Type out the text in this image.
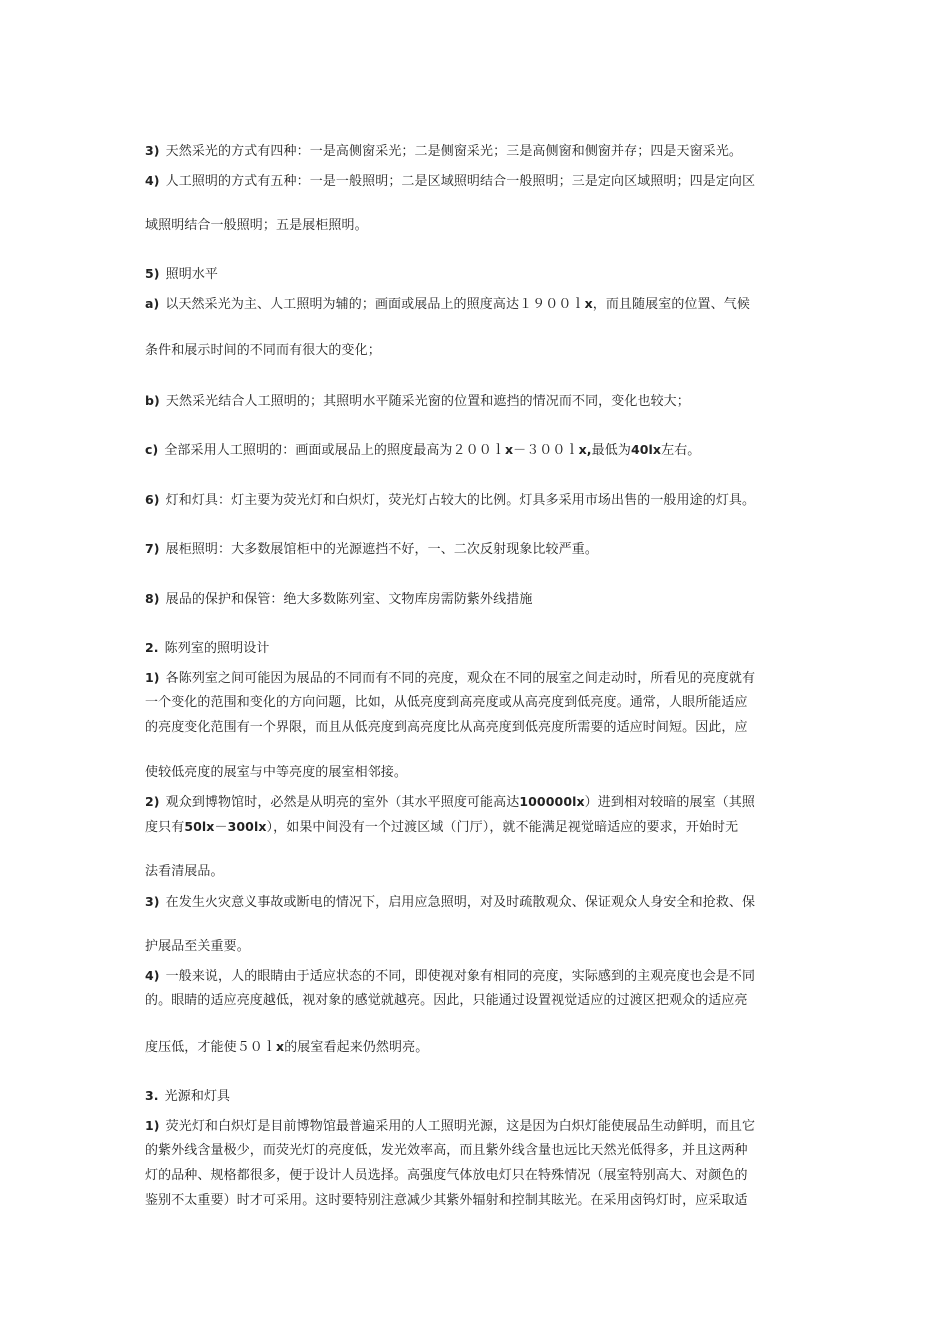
3) 天然采光的方式有四种：一是高侧窗采光；二是侧窗采光；三是高侧窗和侧窗并存；四是天窗采光。
4) 人工照明的方式有五种：一是一般照明；二是区域照明结合一般照明；三是定向区域照明；四是定向区
域照明结合一般照明；五是展柜照明。
5) 照明水平
a) 以天然采光为主、人工照明为辅的；画面或展品上的照度高达１９００ｌx，而且随展室的位置、气候
条件和展示时间的不同而有很大的变化；
b) 天然采光结合人工照明的；其照明水平随采光窗的位置和遮挡的情况而不同，变化也较大；
c) 全部采用人工照明的：画面或展品上的照度最高为２００ｌx－３００ｌx,最低为40lx左右。
6) 灯和灯具：灯主要为荧光灯和白炽灯，荧光灯占较大的比例。灯具多采用市场出售的一般用途的灯具。
7) 展柜照明：大多数展馆柜中的光源遮挡不好，一、二次反射现象比较严重。
8) 展品的保护和保管：绝大多数陈列室、文物库房需防紫外线措施
2. 陈列室的照明设计
1) 各陈列室之间可能因为展品的不同而有不同的亮度，观众在不同的展室之间走动时，所看见的亮度就有
一个变化的范围和变化的方向问题，比如，从低亮度到高亮度或从高亮度到低亮度。通常，人眼所能适应
的亮度变化范围有一个界限，而且从低亮度到高亮度比从高亮度到低亮度所需要的适应时间短。因此，应
使较低亮度的展室与中等亮度的展室相邻接。
2) 观众到博物馆时，必然是从明亮的室外（其水平照度可能高达100000lx）进到相对较暗的展室（其照
度只有50lx－300lx），如果中间没有一个过渡区域（门厅），就不能满足视觉暗适应的要求，开始时无
法看清展品。
3) 在发生火灾意义事故或断电的情况下，启用应急照明，对及时疏散观众、保证观众人身安全和抢救、保
护展品至关重要。
4) 一般来说，人的眼睛由于适应状态的不同，即使视对象有相同的亮度，实际感到的主观亮度也会是不同
的。眼睛的适应亮度越低，视对象的感觉就越亮。因此，只能通过设置视觉适应的过渡区把观众的适应亮
度压低，才能使５０ｌx的展室看起来仍然明亮。
3. 光源和灯具
1) 荧光灯和白炽灯是目前博物馆最普遍采用的人工照明光源，这是因为白炽灯能使展品生动鲜明，而且它
的紫外线含量极少，而荧光灯的亮度低，发光效率高，而且紫外线含量也远比天然光低得多，并且这两种
灯的品种、规格都很多，便于设计人员选择。高强度气体放电灯只在特殊情况（展室特别高大、对颜色的
鉴别不太重要）时才可采用。这时要特别注意减少其紫外辐射和控制其眩光。在采用卤钨灯时，应采取适
